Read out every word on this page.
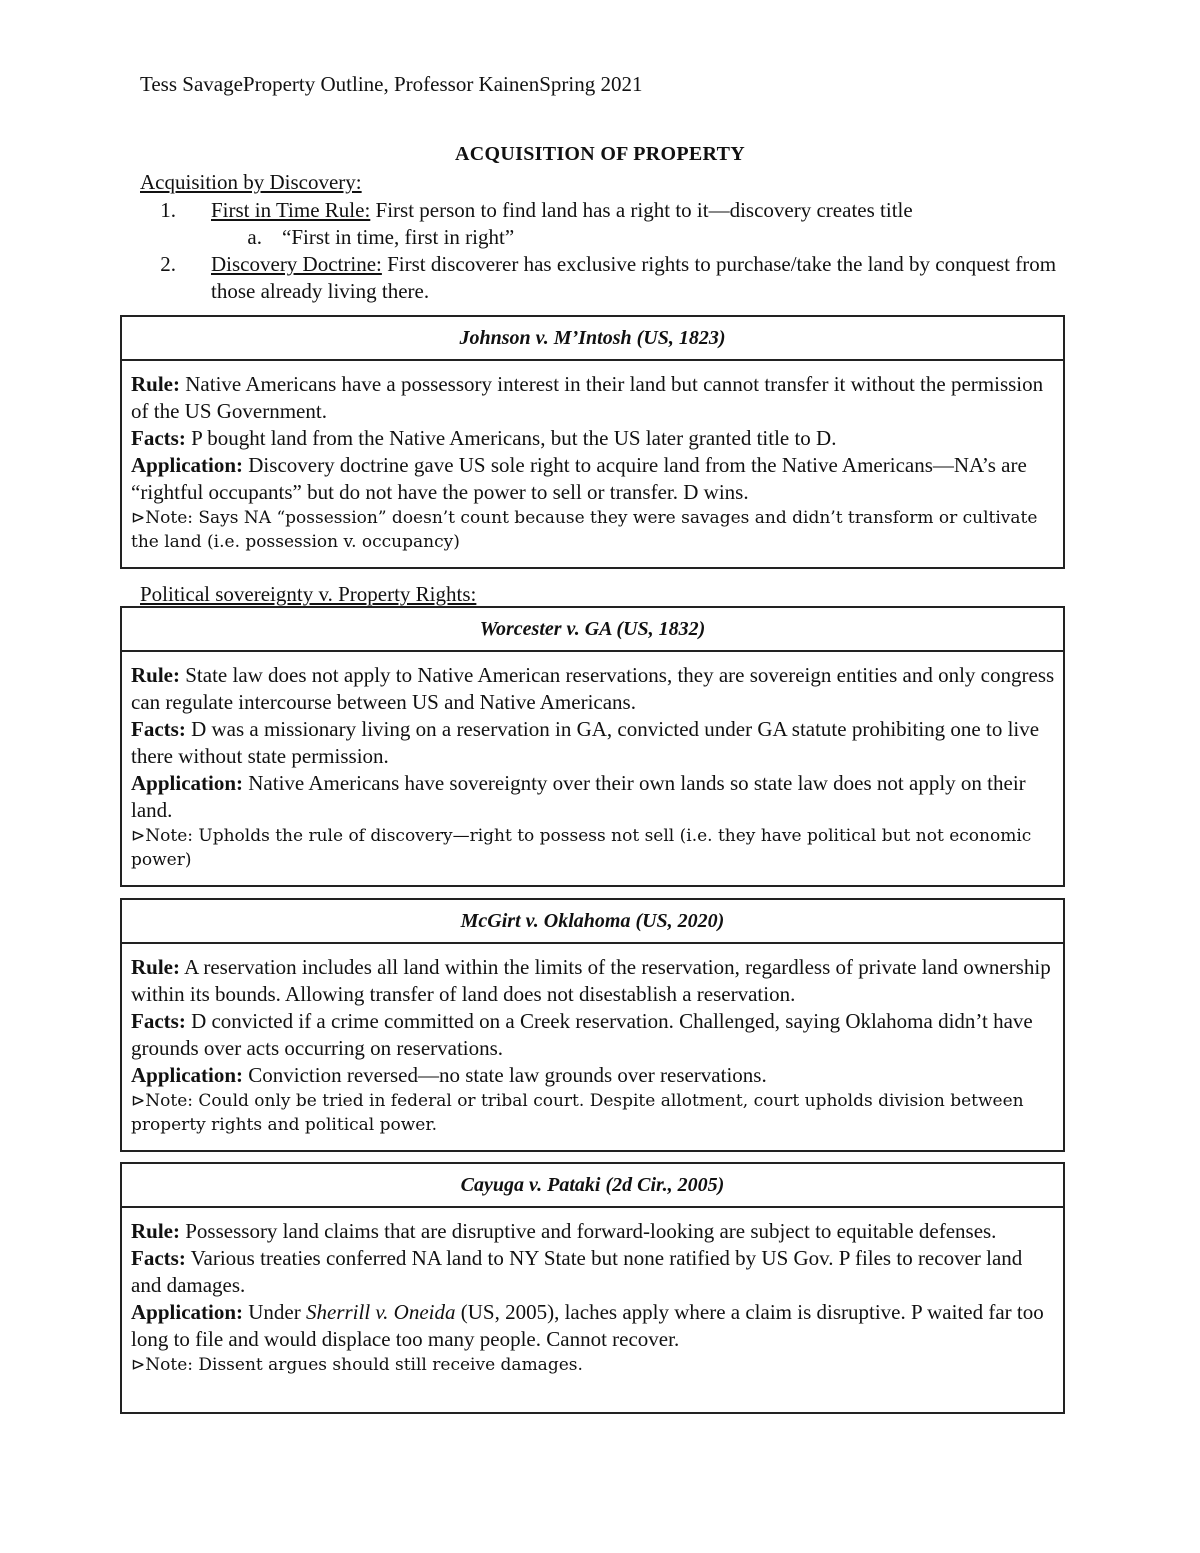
Tess SavageProperty Outline, Professor KainenSpring 2021
ACQUISITION OF PROPERTY
Acquisition by Discovery:
1.	First in Time Rule: First person to find land has a right to it—discovery creates title
a. “First in time, first in right”
2.	Discovery Doctrine: First discoverer has exclusive rights to purchase/take the land by conquest from those already living there.
Johnson v. M’Intosh (US, 1823)

Rule: Native Americans have a possessory interest in their land but cannot transfer it without the permission of the US Government.

Facts: P bought land from the Native Americans, but the US later granted title to D.

Application: Discovery doctrine gave US sole right to acquire land from the Native Americans—NA’s are “rightful occupants” but do not have the power to sell or transfer. D wins.

⊳Note: Says NA “possession” doesn’t count because they were savages and didn’t transform or cultivate the land (i.e. possession v. occupancy)

Political sovereignty v. Property Rights:
Worcester v. GA (US, 1832)

Rule: State law does not apply to Native American reservations, they are sovereign entities and only congress can regulate intercourse between US and Native Americans.

Facts: D was a missionary living on a reservation in GA, convicted under GA statute prohibiting one to live there without state permission.

Application: Native Americans have sovereignty over their own lands so state law does not apply on their land.

⊳Note: Upholds the rule of discovery—right to possess not sell (i.e. they have political but not economic power)

McGirt v. Oklahoma (US, 2020)

Rule: A reservation includes all land within the limits of the reservation, regardless of private land ownership within its bounds. Allowing transfer of land does not disestablish a reservation.

Facts: D convicted if a crime committed on a Creek reservation. Challenged, saying Oklahoma didn’t have grounds over acts occurring on reservations.

Application: Conviction reversed—no state law grounds over reservations.

⊳Note: Could only be tried in federal or tribal court. Despite allotment, court upholds division between property rights and political power.

Cayuga v. Pataki (2d Cir., 2005)

Rule: Possessory land claims that are disruptive and forward-looking are subject to equitable defenses.

Facts: Various treaties conferred NA land to NY State but none ratified by US Gov. P files to recover land and damages.

Application: Under Sherrill v. Oneida (US, 2005), laches apply where a claim is disruptive. P waited far too long to file and would displace too many people. Cannot recover.

⊳Note: Dissent argues should still receive damages.
